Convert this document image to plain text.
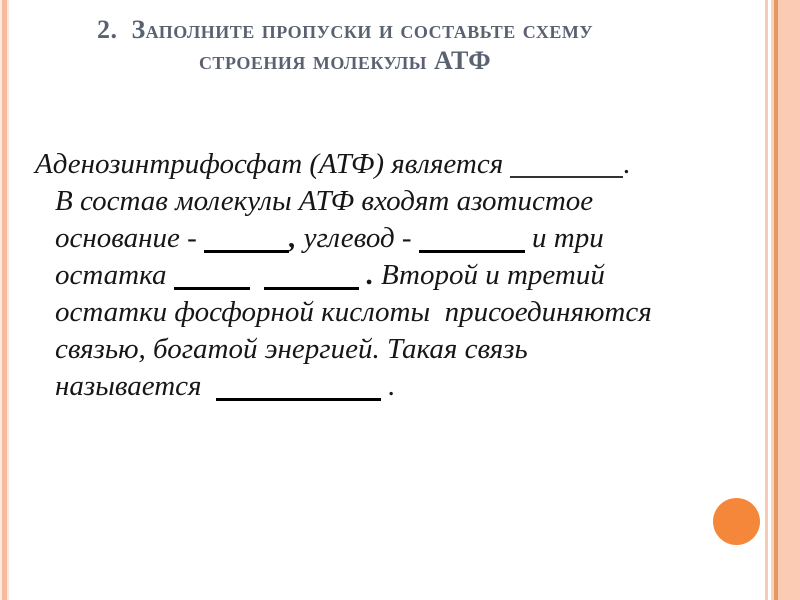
2.  Заполните пропуски и составьте схему
строения молекулы АТФ
Аденозинтрифосфат (АТФ) является	.
В состав молекулы АТФ входят азотистое
основание -	, углевод -	и три
остатка	. Второй и третий
остатки фосфорной кислоты  присоединяются
связью, богатой энергией. Такая связь
называется	.
